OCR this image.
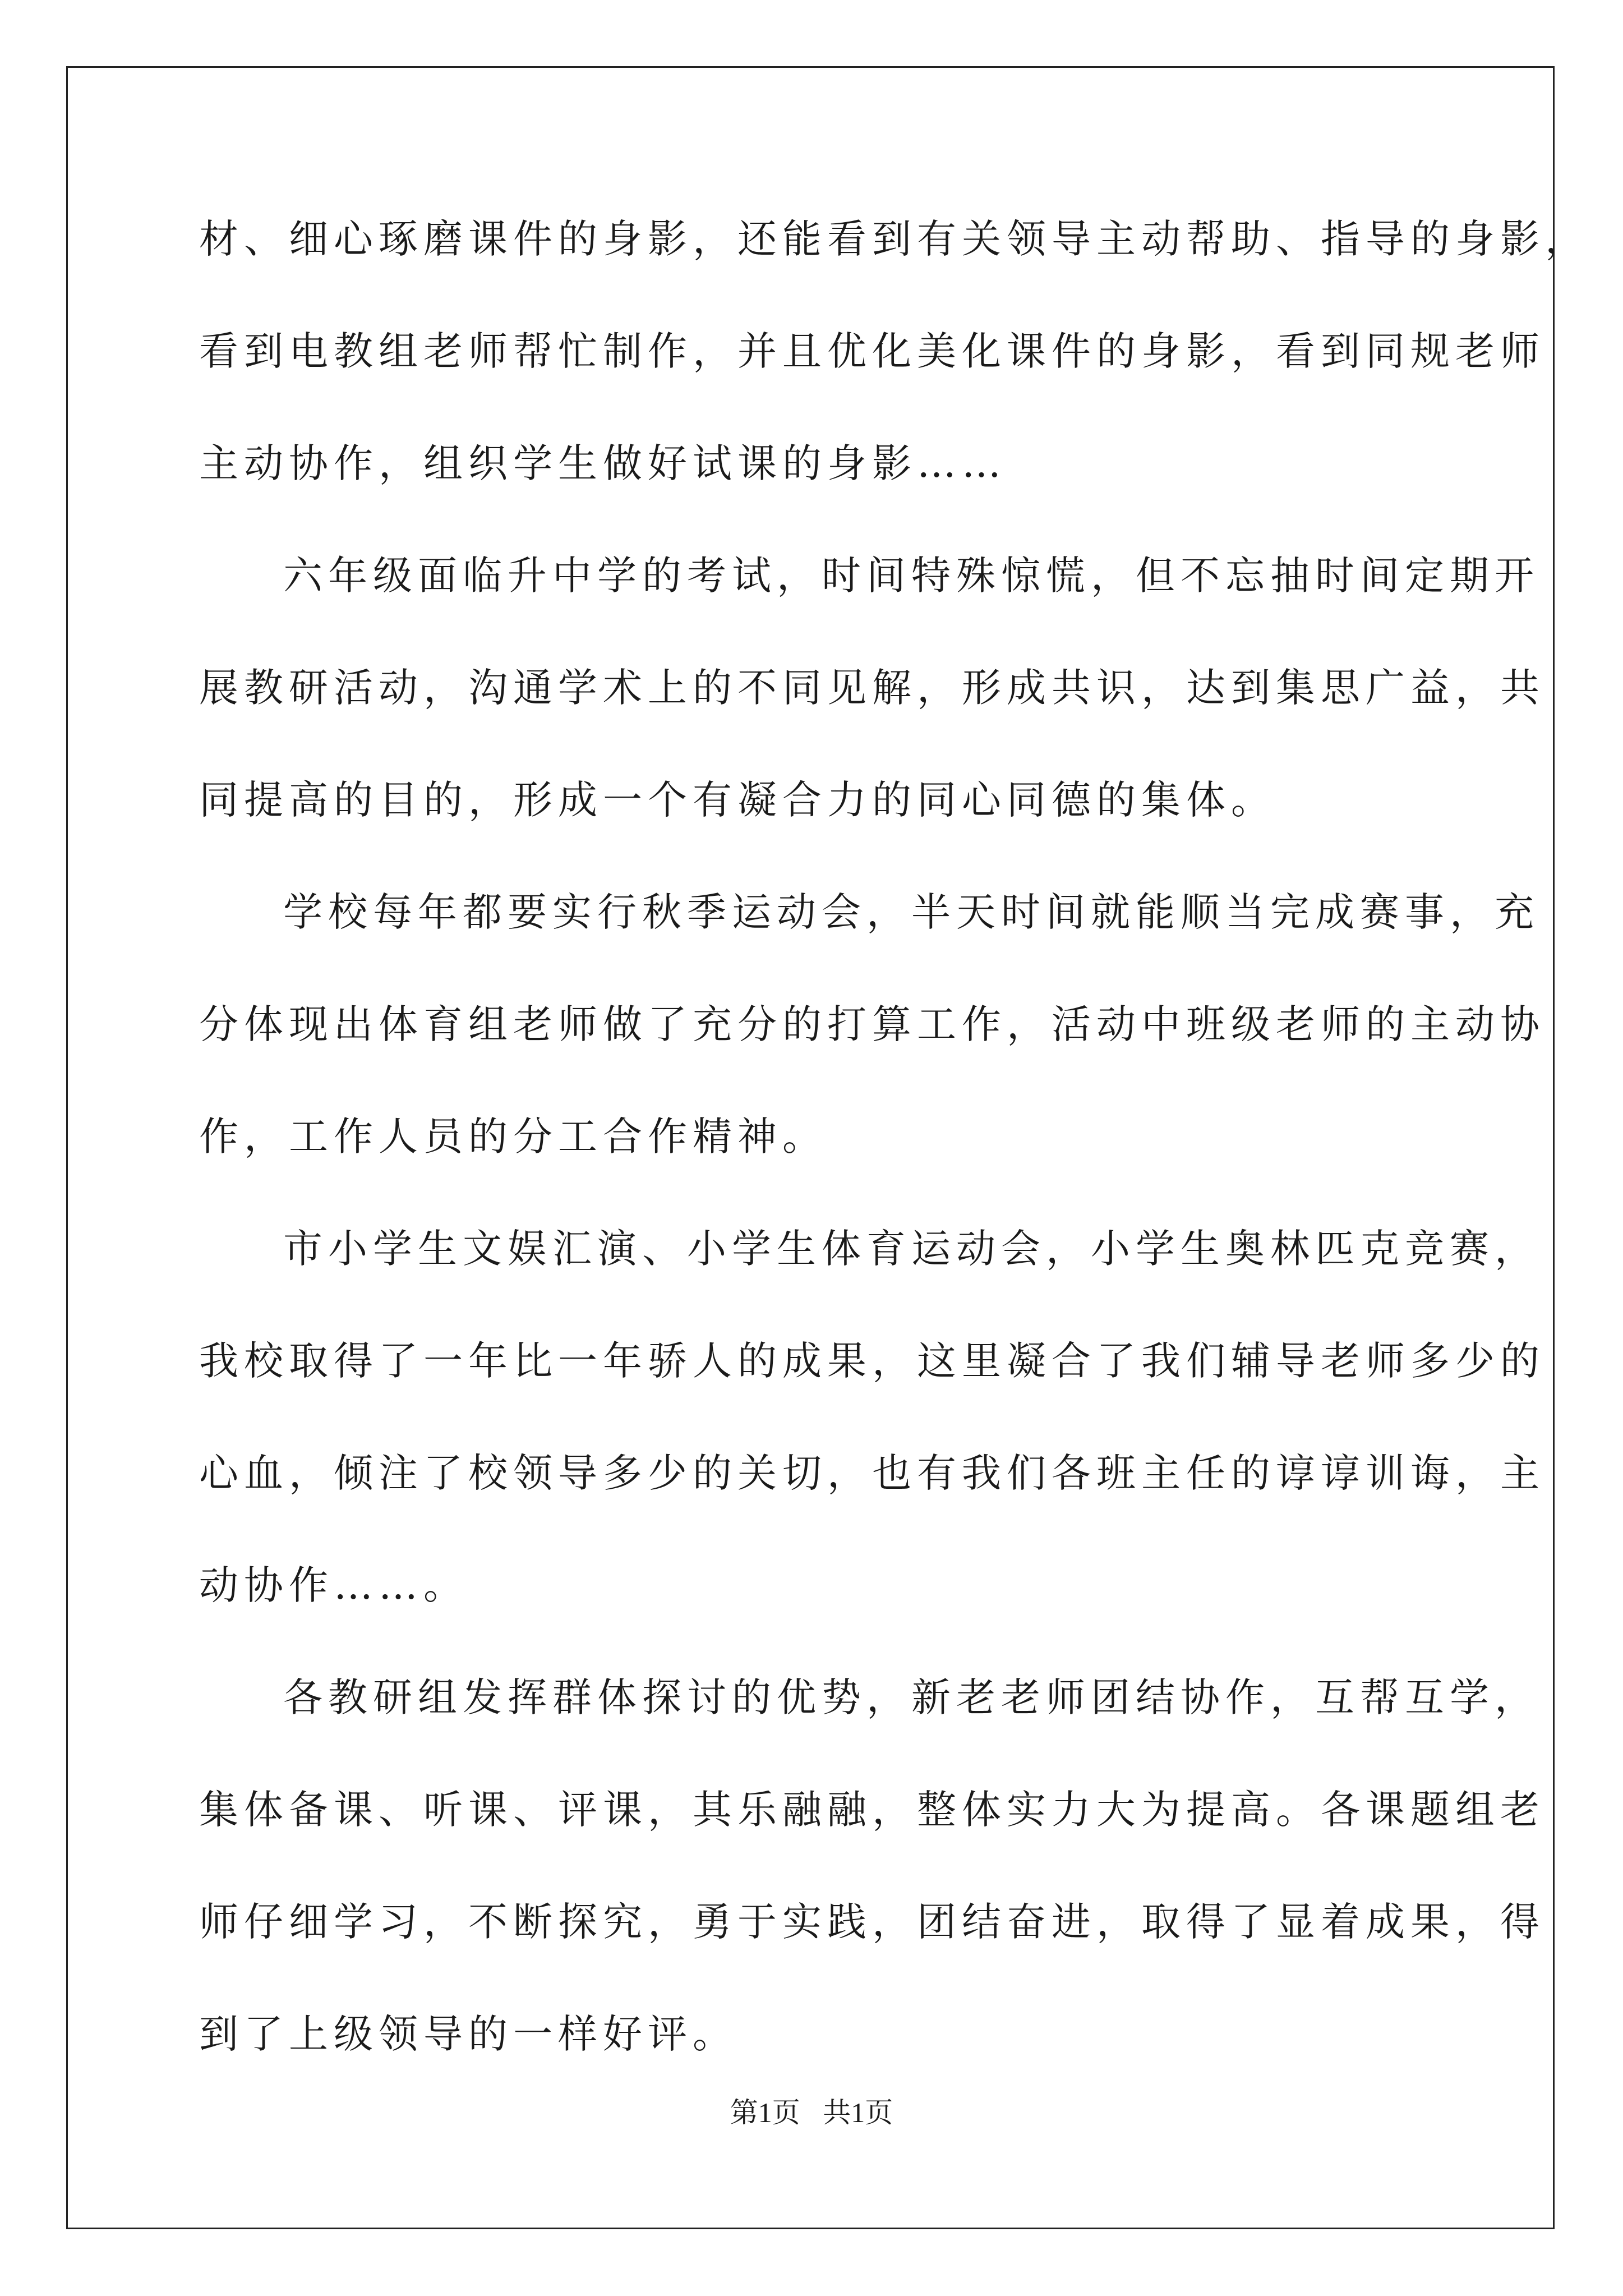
材、细心琢磨课件的身影，还能看到有关领导主动帮助、指导的身影，
看到电教组老师帮忙制作，并且优化美化课件的身影，看到同规老师
主动协作，组织学生做好试课的身影……
六年级面临升中学的考试，时间特殊惊慌，但不忘抽时间定期开
展教研活动，沟通学术上的不同见解，形成共识，达到集思广益，共
同提高的目的，形成一个有凝合力的同心同德的集体。
学校每年都要实行秋季运动会，半天时间就能顺当完成赛事，充
分体现出体育组老师做了充分的打算工作，活动中班级老师的主动协
作，工作人员的分工合作精神。
市小学生文娱汇演、小学生体育运动会，小学生奥林匹克竞赛，
我校取得了一年比一年骄人的成果，这里凝合了我们辅导老师多少的
心血，倾注了校领导多少的关切，也有我们各班主任的谆谆训诲，主
动协作……。
各教研组发挥群体探讨的优势，新老老师团结协作，互帮互学，
集体备课、听课、评课，其乐融融，整体实力大为提高。各课题组老
师仔细学习，不断探究，勇于实践，团结奋进，取得了显着成果，得
到了上级领导的一样好评。
第1页 共1页
